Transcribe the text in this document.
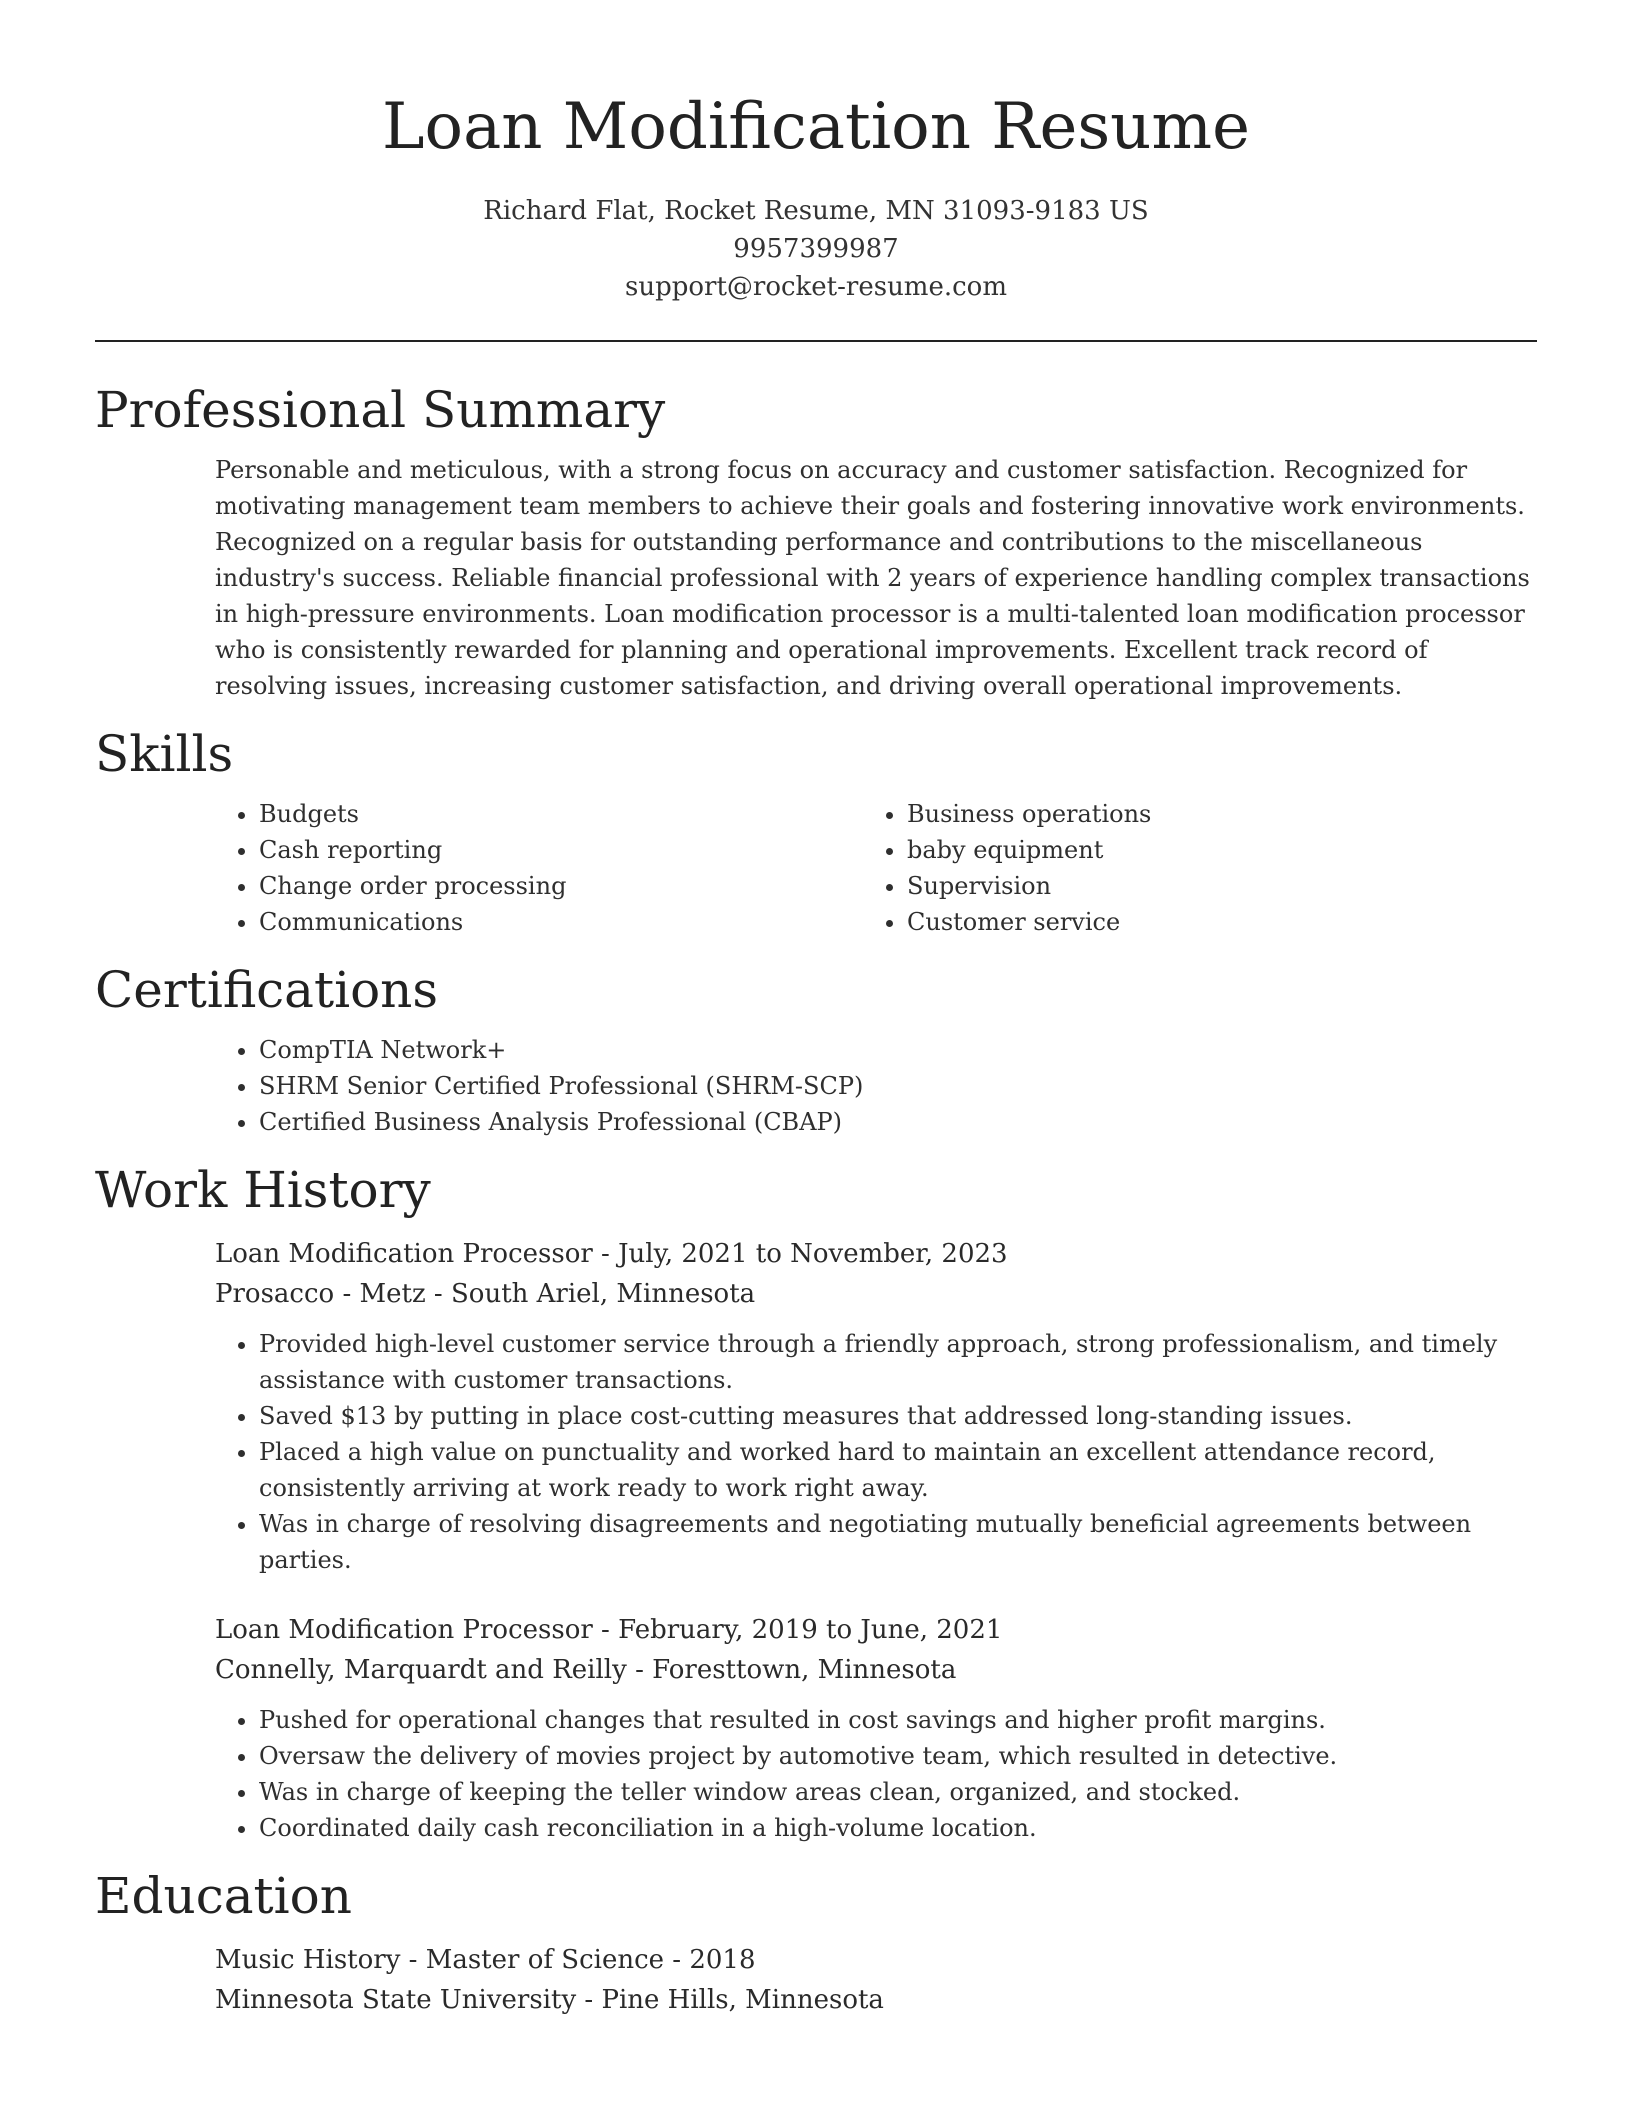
Loan Modification Resume
Richard Flat, Rocket Resume, MN 31093-9183 US
9957399987
support@rocket-resume.com
Professional Summary
Personable and meticulous, with a strong focus on accuracy and customer satisfaction. Recognized for motivating management team members to achieve their goals and fostering innovative work environments. Recognized on a regular basis for outstanding performance and contributions to the miscellaneous industry's success. Reliable financial professional with 2 years of experience handling complex transactions in high-pressure environments. Loan modification processor is a multi-talented loan modification processor who is consistently rewarded for planning and operational improvements. Excellent track record of resolving issues, increasing customer satisfaction, and driving overall operational improvements.
Skills
• Budgets
• Cash reporting
• Change order processing
• Communications
• Business operations
• baby equipment
• Supervision
• Customer service
Certifications
• CompTIA Network+
• SHRM Senior Certified Professional (SHRM-SCP)
• Certified Business Analysis Professional (CBAP)
Work History
Loan Modification Processor - July, 2021 to November, 2023
Prosacco - Metz - South Ariel, Minnesota
• Provided high-level customer service through a friendly approach, strong professionalism, and timely assistance with customer transactions.
• Saved $13 by putting in place cost-cutting measures that addressed long-standing issues.
• Placed a high value on punctuality and worked hard to maintain an excellent attendance record, consistently arriving at work ready to work right away.
• Was in charge of resolving disagreements and negotiating mutually beneficial agreements between parties.
Loan Modification Processor - February, 2019 to June, 2021
Connelly, Marquardt and Reilly - Foresttown, Minnesota
• Pushed for operational changes that resulted in cost savings and higher profit margins.
• Oversaw the delivery of movies project by automotive team, which resulted in detective.
• Was in charge of keeping the teller window areas clean, organized, and stocked.
• Coordinated daily cash reconciliation in a high-volume location.
Education
Music History - Master of Science - 2018
Minnesota State University - Pine Hills, Minnesota
